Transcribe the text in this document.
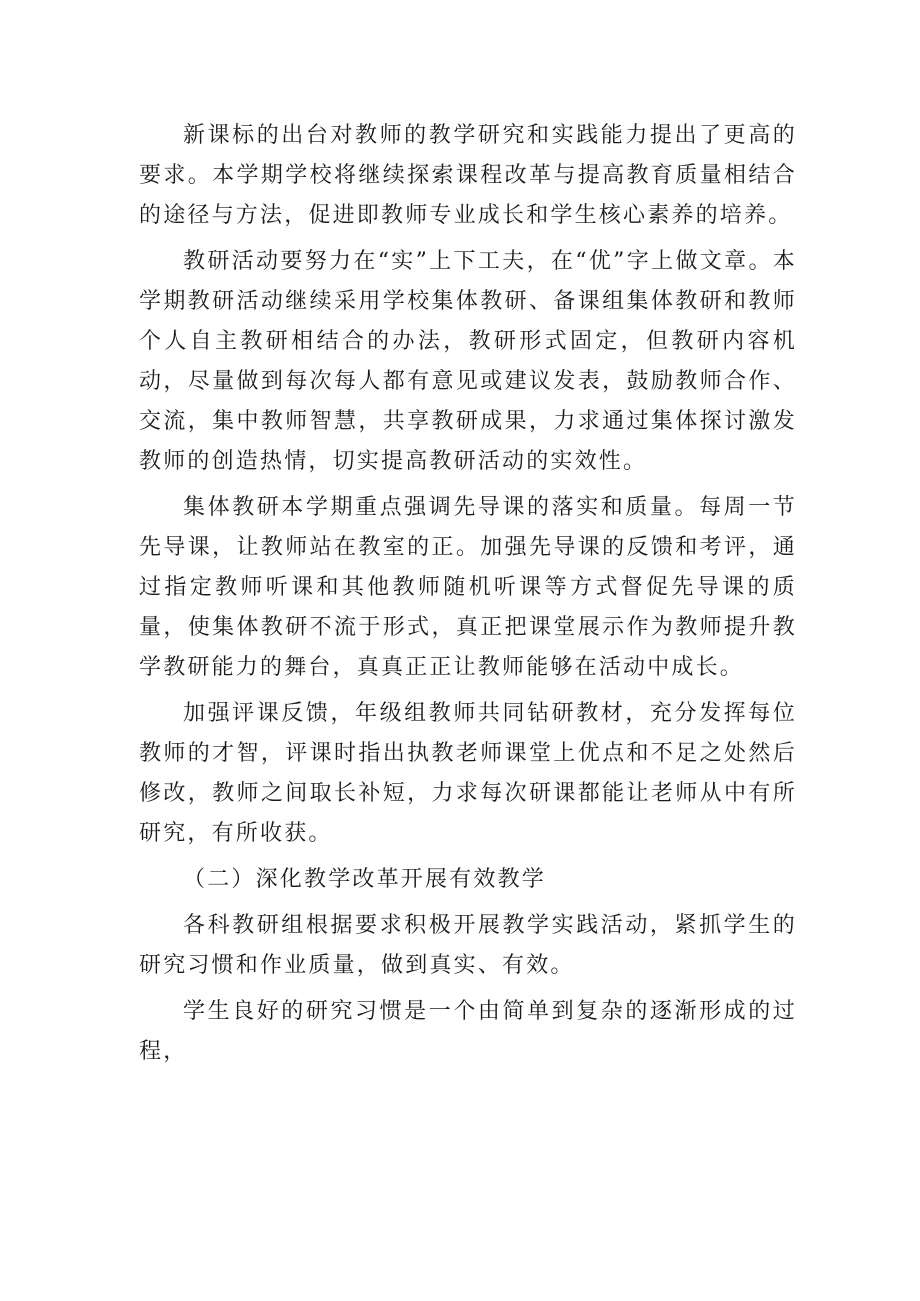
新课标的出台对教师的教学研究和实践能力提出了更高的要求。本学期学校将继续探索课程改革与提高教育质量相结合的途径与方法，促进即教师专业成长和学生核心素养的培养。

教研活动要努力在“实”上下工夫，在“优”字上做文章。本学期教研活动继续采用学校集体教研、备课组集体教研和教师个人自主教研相结合的办法，教研形式固定，但教研内容机动，尽量做到每次每人都有意见或建议发表，鼓励教师合作、交流，集中教师智慧，共享教研成果，力求通过集体探讨激发教师的创造热情，切实提高教研活动的实效性。

集体教研本学期重点强调先导课的落实和质量。每周一节先导课，让教师站在教室的正。加强先导课的反馈和考评，通过指定教师听课和其他教师随机听课等方式督促先导课的质量，使集体教研不流于形式，真正把课堂展示作为教师提升教学教研能力的舞台，真真正正让教师能够在活动中成长。

加强评课反馈，年级组教师共同钻研教材，充分发挥每位教师的才智，评课时指出执教老师课堂上优点和不足之处然后修改，教师之间取长补短，力求每次研课都能让老师从中有所研究，有所收获。

（二）深化教学改革开展有效教学

各科教研组根据要求积极开展教学实践活动，紧抓学生的研究习惯和作业质量，做到真实、有效。

学生良好的研究习惯是一个由简单到复杂的逐渐形成的过程，
